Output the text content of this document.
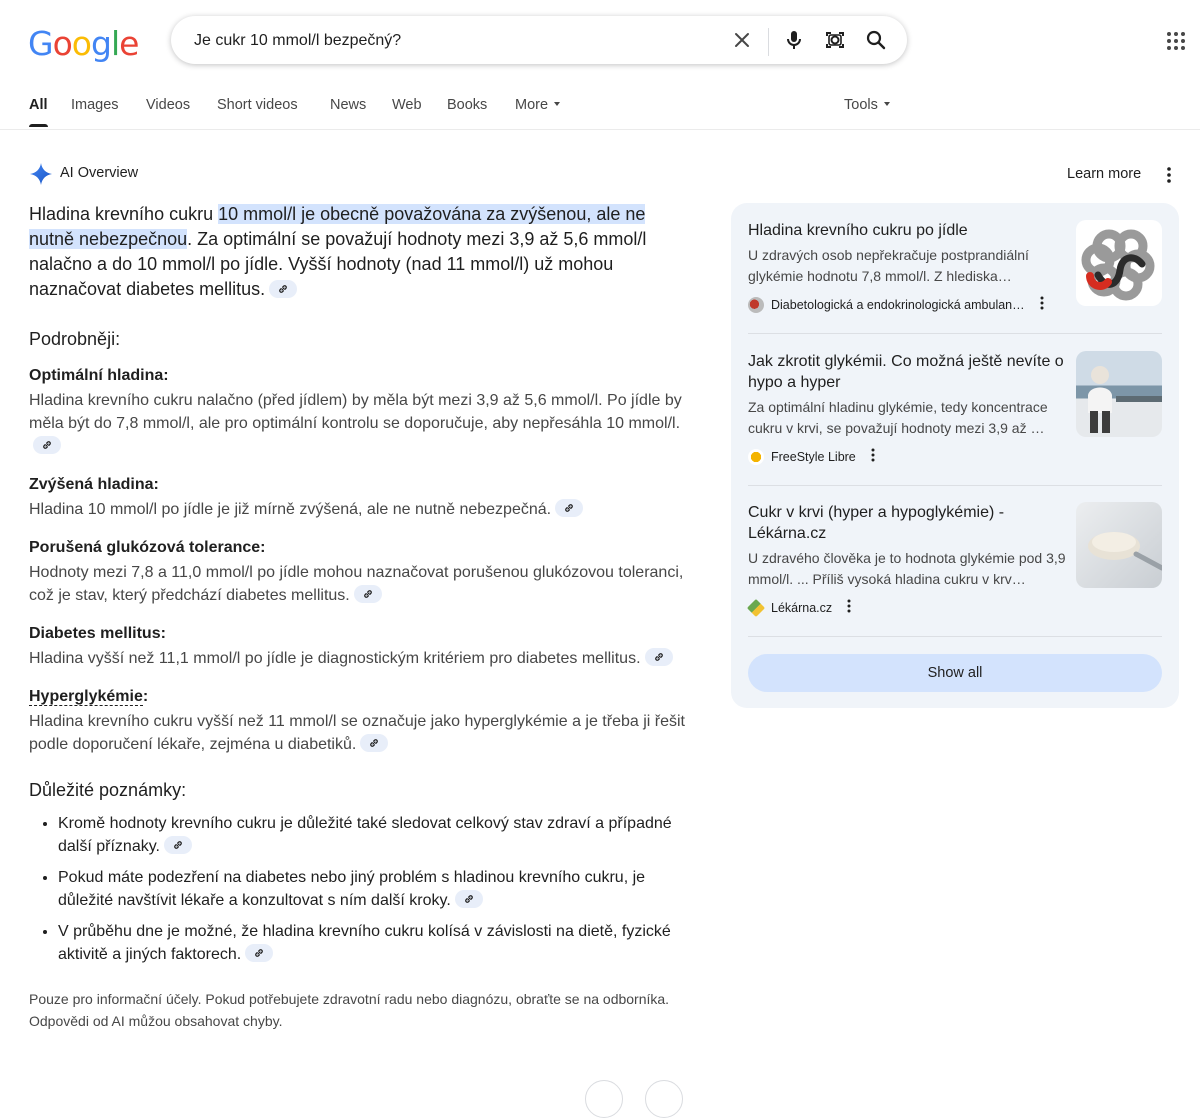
Google
Je cukr 10 mmol/l bezpečný?
All Images Videos Short videos News Web Books More	Tools
AI Overview	Learn more

Hladina krevního cukru 10 mmol/l je obecně považována za zvýšenou, ale ne nutně nebezpečnou. Za optimální se považují hodnoty mezi 3,9 až 5,6 mmol/l nalačno a do 10 mmol/l po jídle. Vyšší hodnoty (nad 11 mmol/l) už mohou naznačovat diabetes mellitus.

Podrobněji:

Optimální hladina:

Hladina krevního cukru nalačno (před jídlem) by měla být mezi 3,9 až 5,6 mmol/l. Po jídle by měla být do 7,8 mmol/l, ale pro optimální kontrolu se doporučuje, aby nepřesáhla 10 mmol/l.

Zvýšená hladina:

Hladina 10 mmol/l po jídle je již mírně zvýšená, ale ne nutně nebezpečná.

Porušená glukózová tolerance:

Hodnoty mezi 7,8 a 11,0 mmol/l po jídle mohou naznačovat porušenou glukózovou toleranci, což je stav, který předchází diabetes mellitus.

Diabetes mellitus:

Hladina vyšší než 11,1 mmol/l po jídle je diagnostickým kritériem pro diabetes mellitus.

Hyperglykémie:

Hladina krevního cukru vyšší než 11 mmol/l se označuje jako hyperglykémie a je třeba ji řešit podle doporučení lékaře, zejména u diabetiků.

Důležité poznámky:
• Kromě hodnoty krevního cukru je důležité také sledovat celkový stav zdraví a případné další příznaky.
• Pokud máte podezření na diabetes nebo jiný problém s hladinou krevního cukru, je důležité navštívit lékaře a konzultovat s ním další kroky.
• V průběhu dne je možné, že hladina krevního cukru kolísá v závislosti na dietě, fyzické aktivitě a jiných faktorech.
Pouze pro informační účely. Pokud potřebujete zdravotní radu nebo diagnózu, obraťte se na odborníka. Odpovědi od AI můžou obsahovat chyby.
Hladina krevního cukru po jídle
U zdravých osob nepřekračuje postprandiální glykémie hodnotu 7,8 mmol/l. Z hlediska…
Diabetologická a endokrinologická ambulan…
Jak zkrotit glykémii. Co možná ještě nevíte o hypo a hyper
Za optimální hladinu glykémie, tedy koncentrace cukru v krvi, se považují hodnoty mezi 3,9 až …
FreeStyle Libre
Cukr v krvi (hyper a hypoglykémie) - Lékárna.cz
U zdravého člověka je to hodnota glykémie pod 3,9 mmol/l. ... Příliš vysoká hladina cukru v krv…
Lékárna.cz
Show all
